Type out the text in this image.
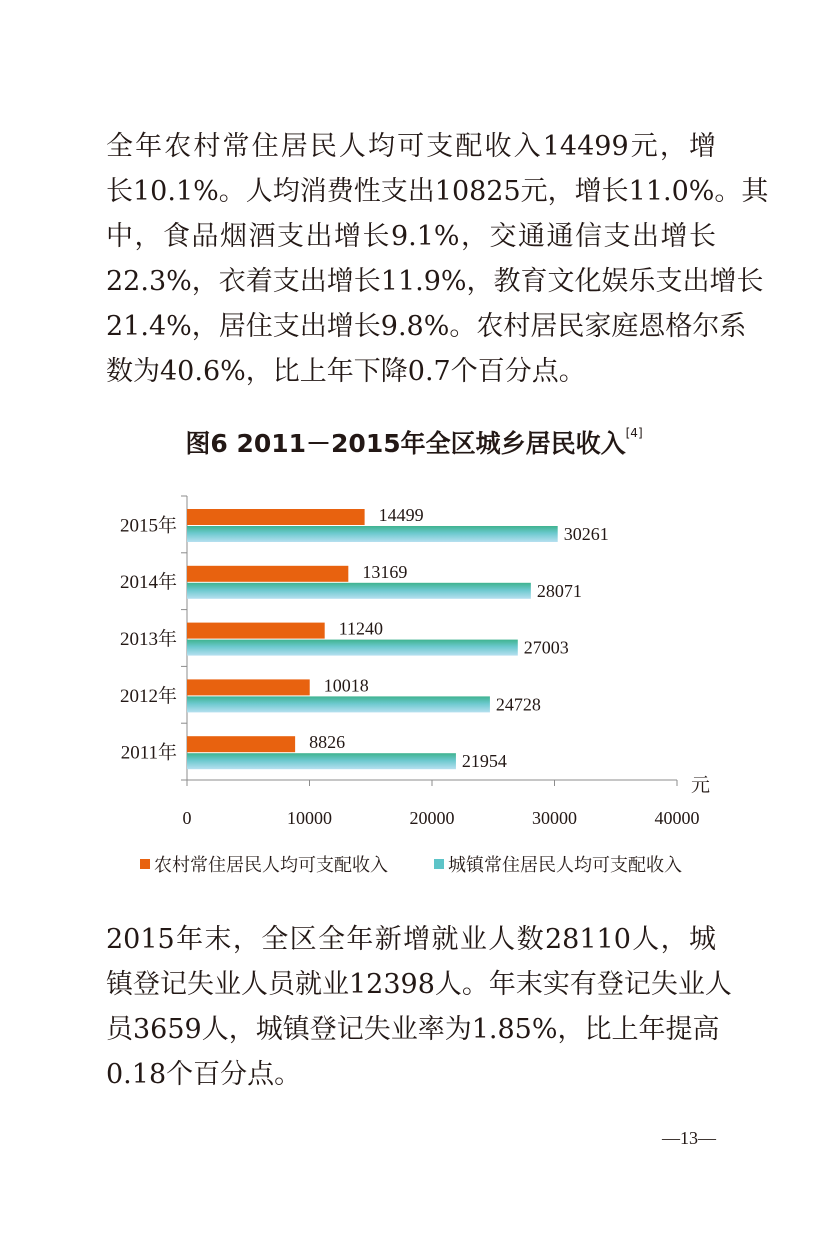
全年农村常住居民人均可支配收入14499元，增
长10.1%。人均消费性支出10825元，增长11.0%。其
中，食品烟酒支出增长9.1%，交通通信支出增长
22.3%，衣着支出增长11.9%，教育文化娱乐支出增长
21.4%，居住支出增长9.8%。农村居民家庭恩格尔系
数为40.6%，比上年下降0.7个百分点。

图6 2011－2015年全区城乡居民收入[4]
0	10000	20000	30000	40000
元
2015年
14499
30261
2014年
13169
28071
2013年
11240
27003
2012年
10018
24728
2011年
8826
21954
农村常住居民人均可支配收入	城镇常住居民人均可支配收入

2015年末，全区全年新增就业人数28110人，城
镇登记失业人员就业12398人。年末实有登记失业人
员3659人，城镇登记失业率为1.85%，比上年提高
0.18个百分点。

—13—
